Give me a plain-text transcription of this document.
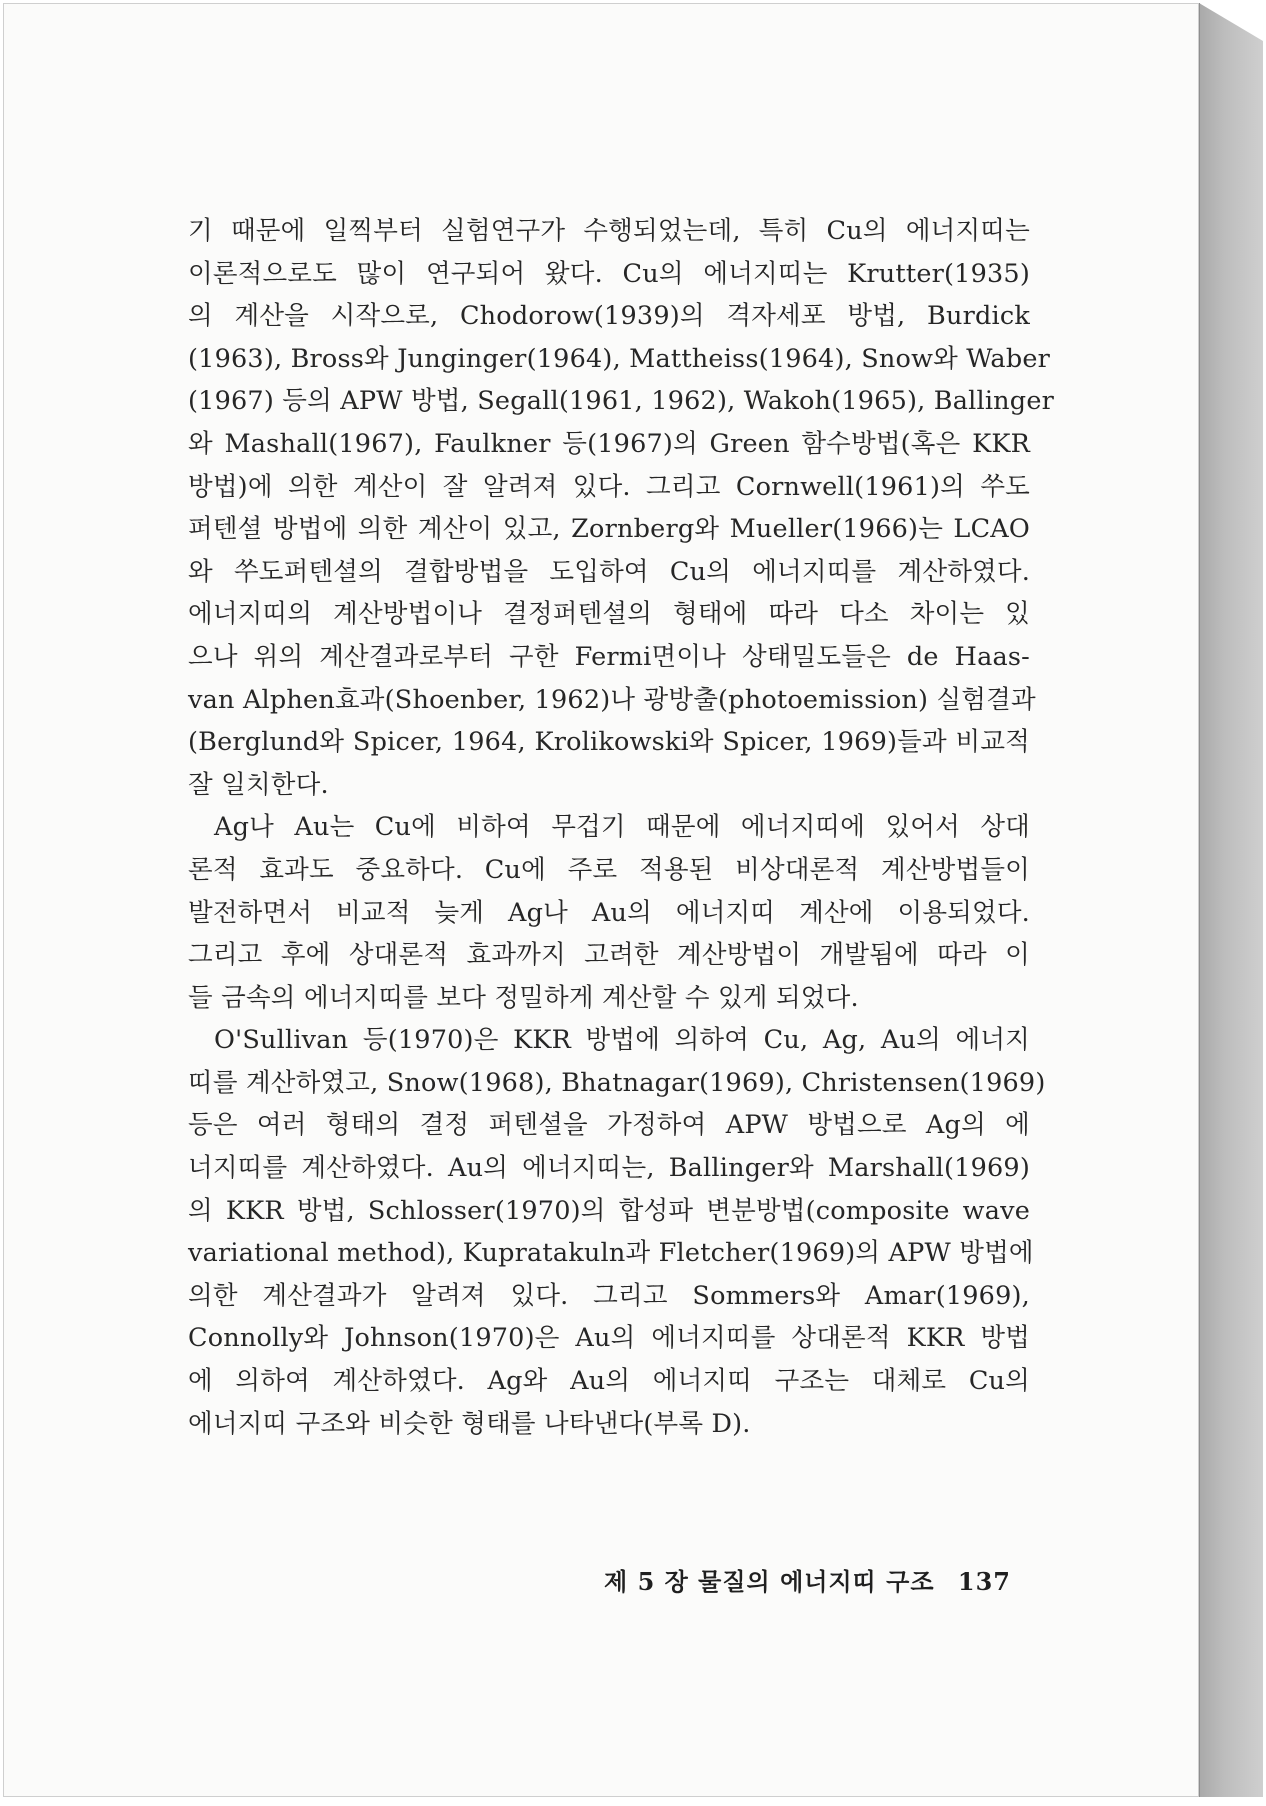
기 때문에 일찍부터 실험연구가 수행되었는데, 특히 Cu의 에너지띠는
이론적으로도 많이 연구되어 왔다. Cu의 에너지띠는 Krutter(1935)
의 계산을 시작으로, Chodorow(1939)의 격자세포 방법, Burdick
(1963), Bross와 Junginger(1964), Mattheiss(1964), Snow와 Waber
(1967) 등의 APW 방법, Segall(1961, 1962), Wakoh(1965), Ballinger
와 Mashall(1967), Faulkner 등(1967)의 Green 함수방법(혹은 KKR
방법)에 의한 계산이 잘 알려져 있다. 그리고 Cornwell(1961)의 쑤도
퍼텐셜 방법에 의한 계산이 있고, Zornberg와 Mueller(1966)는 LCAO
와 쑤도퍼텐셜의 결합방법을 도입하여 Cu의 에너지띠를 계산하였다.
에너지띠의 계산방법이나 결정퍼텐셜의 형태에 따라 다소 차이는 있
으나 위의 계산결과로부터 구한 Fermi면이나 상태밀도들은 de Haas-
van Alphen효과(Shoenber, 1962)나 광방출(photoemission) 실험결과
(Berglund와 Spicer, 1964, Krolikowski와 Spicer, 1969)들과 비교적
잘 일치한다.
Ag나 Au는 Cu에 비하여 무겁기 때문에 에너지띠에 있어서 상대
론적 효과도 중요하다. Cu에 주로 적용된 비상대론적 계산방법들이
발전하면서 비교적 늦게 Ag나 Au의 에너지띠 계산에 이용되었다.
그리고 후에 상대론적 효과까지 고려한 계산방법이 개발됨에 따라 이
들 금속의 에너지띠를 보다 정밀하게 계산할 수 있게 되었다.
O'Sullivan 등(1970)은 KKR 방법에 의하여 Cu, Ag, Au의 에너지
띠를 계산하였고, Snow(1968), Bhatnagar(1969), Christensen(1969)
등은 여러 형태의 결정 퍼텐셜을 가정하여 APW 방법으로 Ag의 에
너지띠를 계산하였다. Au의 에너지띠는, Ballinger와 Marshall(1969)
의 KKR 방법, Schlosser(1970)의 합성파 변분방법(composite wave
variational method), Kupratakuln과 Fletcher(1969)의 APW 방법에
의한 계산결과가 알려져 있다. 그리고 Sommers와 Amar(1969),
Connolly와 Johnson(1970)은 Au의 에너지띠를 상대론적 KKR 방법
에 의하여 계산하였다. Ag와 Au의 에너지띠 구조는 대체로 Cu의
에너지띠 구조와 비슷한 형태를 나타낸다(부록 D).
제 5 장 물질의 에너지띠 구조 137
